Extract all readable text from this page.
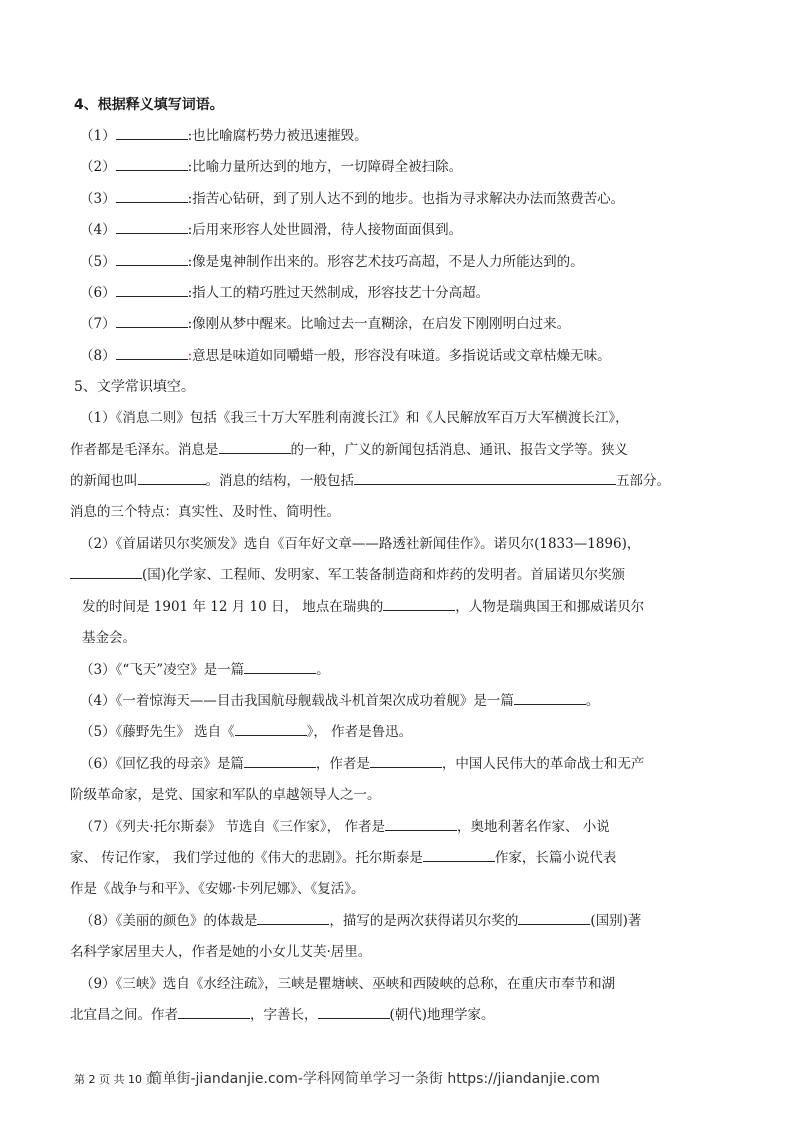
4、根据释义填写词语。
（1）	:也比喻腐朽势力被迅速摧毁。
（2）	:比喻力量所达到的地方，一切障碍全被扫除。
（3）	:指苦心钻研，到了别人达不到的地步。也指为寻求解决办法而煞费苦心。
（4）	:后用来形容人处世圆滑，待人接物面面俱到。
（5）	:像是鬼神制作出来的。形容艺术技巧高超，不是人力所能达到的。
（6）	:指人工的精巧胜过天然制成，形容技艺十分高超。
（7）	:像刚从梦中醒来。比喻过去一直糊涂，在启发下刚刚明白过来。
（8）	:意思是味道如同嚼蜡一般，形容没有味道。多指说话或文章枯燥无味。
5、文学常识填空。
（1）《消息二则》包括《我三十万大军胜利南渡长江》和《人民解放军百万大军横渡长江》，
作者都是毛泽东。消息是	的一种，广义的新闻包括消息、通讯、报告文学等。狭义
的新闻也叫	。消息的结构，一般包括	五部分。
消息的三个特点：真实性、及时性、简明性。
（2）《首届诺贝尔奖颁发》选自《百年好文章——路透社新闻佳作》。诺贝尔(1833—1896)，
(国)化学家、工程师、发明家、军工装备制造商和炸药的发明者。首届诺贝尔奖颁
发的时间是 1901 年 12 月 10 日， 地点在瑞典的	，人物是瑞典国王和挪威诺贝尔
基金会。
（3）《“飞天”凌空》是一篇	。
（4）《一着惊海天——目击我国航母舰载战斗机首架次成功着舰》是一篇	。
（5）《藤野先生》 选自《	》， 作者是鲁迅。
（6）《回忆我的母亲》是篇	，作者是	，中国人民伟大的革命战士和无产
阶级革命家，是党、国家和军队的卓越领导人之一。
（7）《列夫·托尔斯泰》 节选自《三作家》， 作者是	，奥地利著名作家、 小说
家、 传记作家， 我们学过他的《伟大的悲剧》。托尔斯泰是	作家，长篇小说代表
作是《战争与和平》、《安娜·卡列尼娜》、《复活》。
（8）《美丽的颜色》的体裁是	，描写的是两次获得诺贝尔奖的	(国别)著
名科学家居里夫人，作者是她的小女儿艾芙·居里。
（9）《三峡》选自《水经注疏》，三峡是瞿塘峡、巫峡和西陵峡的总称，在重庆市奉节和湖
北宜昌之间。作者	，字善长，	(朝代)地理学家。
第 2 页 共 10 页简单街-jiandanjie.com-学科网简单学习一条街 https://jiandanjie.com
